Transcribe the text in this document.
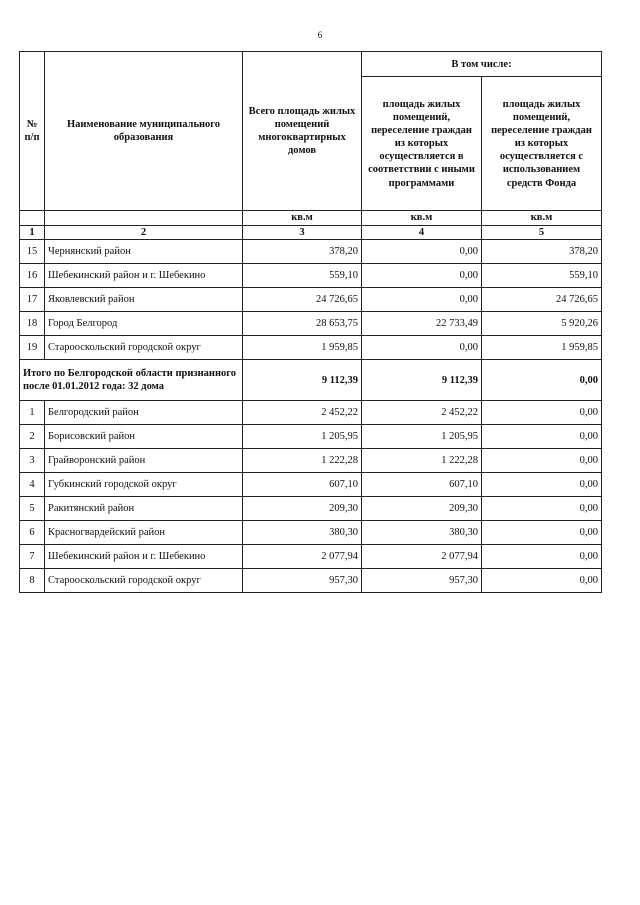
6
№ п/п	Наименование муниципального образования	Всего площадь жилых помещений многоквартирных домов	В том числе:	
			площадь жилых помещений, переселение граждан из которых осуществляется в соответствии с иными программами	площадь жилых помещений, переселение граждан из которых осуществляется с использованием средств Фонда
		кв.м	кв.м	кв.м
1	2	3	4	5
15	Чернянский район	378,20	0,00	378,20
16	Шебекинский район и г. Шебекино	559,10	0,00	559,10
17	Яковлевский район	24 726,65	0,00	24 726,65
18	Город Белгород	28 653,75	22 733,49	5 920,26
19	Старооскольский городской округ	1 959,85	0,00	1 959,85
Итого по Белгородской области признанного после 01.01.2012 года: 32 дома		9 112,39	9 112,39	0,00
1	Белгородский район	2 452,22	2 452,22	0,00
2	Борисовский район	1 205,95	1 205,95	0,00
3	Грайворонский район	1 222,28	1 222,28	0,00
4	Губкинский городской округ	607,10	607,10	0,00
5	Ракитянский район	209,30	209,30	0,00
6	Красногвардейский район	380,30	380,30	0,00
7	Шебекинский район и г. Шебекино	2 077,94	2 077,94	0,00
8	Старооскольский городской округ	957,30	957,30	0,00
